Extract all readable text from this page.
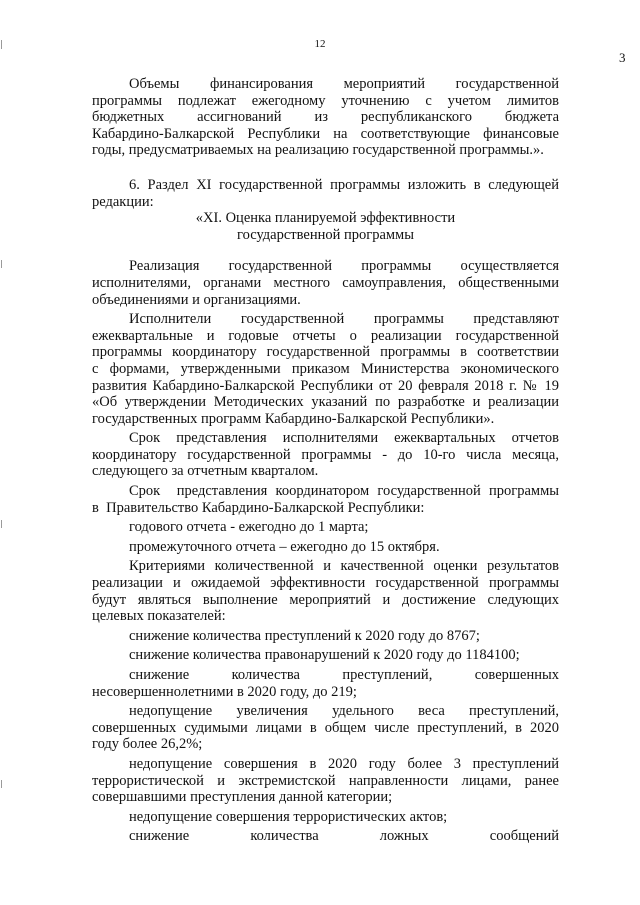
12
3

Объемы финансирования мероприятий государственной
программы подлежат ежегодному уточнению с учетом лимитов
бюджетных ассигнований из республиканского бюджета
Кабардино-Балкарской Республики на соответствующие финансовые
годы, предусматриваемых на реализацию государственной программы.».

6. Раздел XI государственной программы изложить в следующей
редакции:

«XI. Оценка планируемой эффективности
государственной программы

Реализация государственной программы осуществляется
исполнителями, органами местного самоуправления, общественными
объединениями и организациями.

Исполнители государственной программы представляют
ежеквартальные и годовые отчеты о реализации государственной
программы координатору государственной программы в соответствии
с формами, утвержденными приказом Министерства экономического
развития Кабардино-Балкарской Республики от 20 февраля 2018 г. № 19
«Об утверждении Методических указаний по разработке и реализации
государственных программ Кабардино-Балкарской Республики».

Срок представления исполнителями ежеквартальных отчетов
координатору государственной программы - до 10-го числа месяца,
следующего за отчетным кварталом.

Срок  представления координатором государственной программы
в  Правительство Кабардино-Балкарской Республики:

годового отчета - ежегодно до 1 марта;

промежуточного отчета – ежегодно до 15 октября.

Критериями количественной и качественной оценки результатов
реализации и ожидаемой эффективности государственной программы
будут являться выполнение мероприятий и достижение следующих
целевых показателей:

снижение количества преступлений к 2020 году до 8767;

снижение количества правонарушений к 2020 году до 1184100;

снижение количества преступлений, совершенных
несовершеннолетними в 2020 году, до 219;

недопущение увеличения удельного веса преступлений,
совершенных судимыми лицами в общем числе преступлений, в 2020
году более 26,2%;

недопущение совершения в 2020 году более 3 преступлений
террористической и экстремистской направленности лицами, ранее
совершавшими преступления данной категории;

недопущение совершения террористических актов;

снижение количества ложных сообщений
